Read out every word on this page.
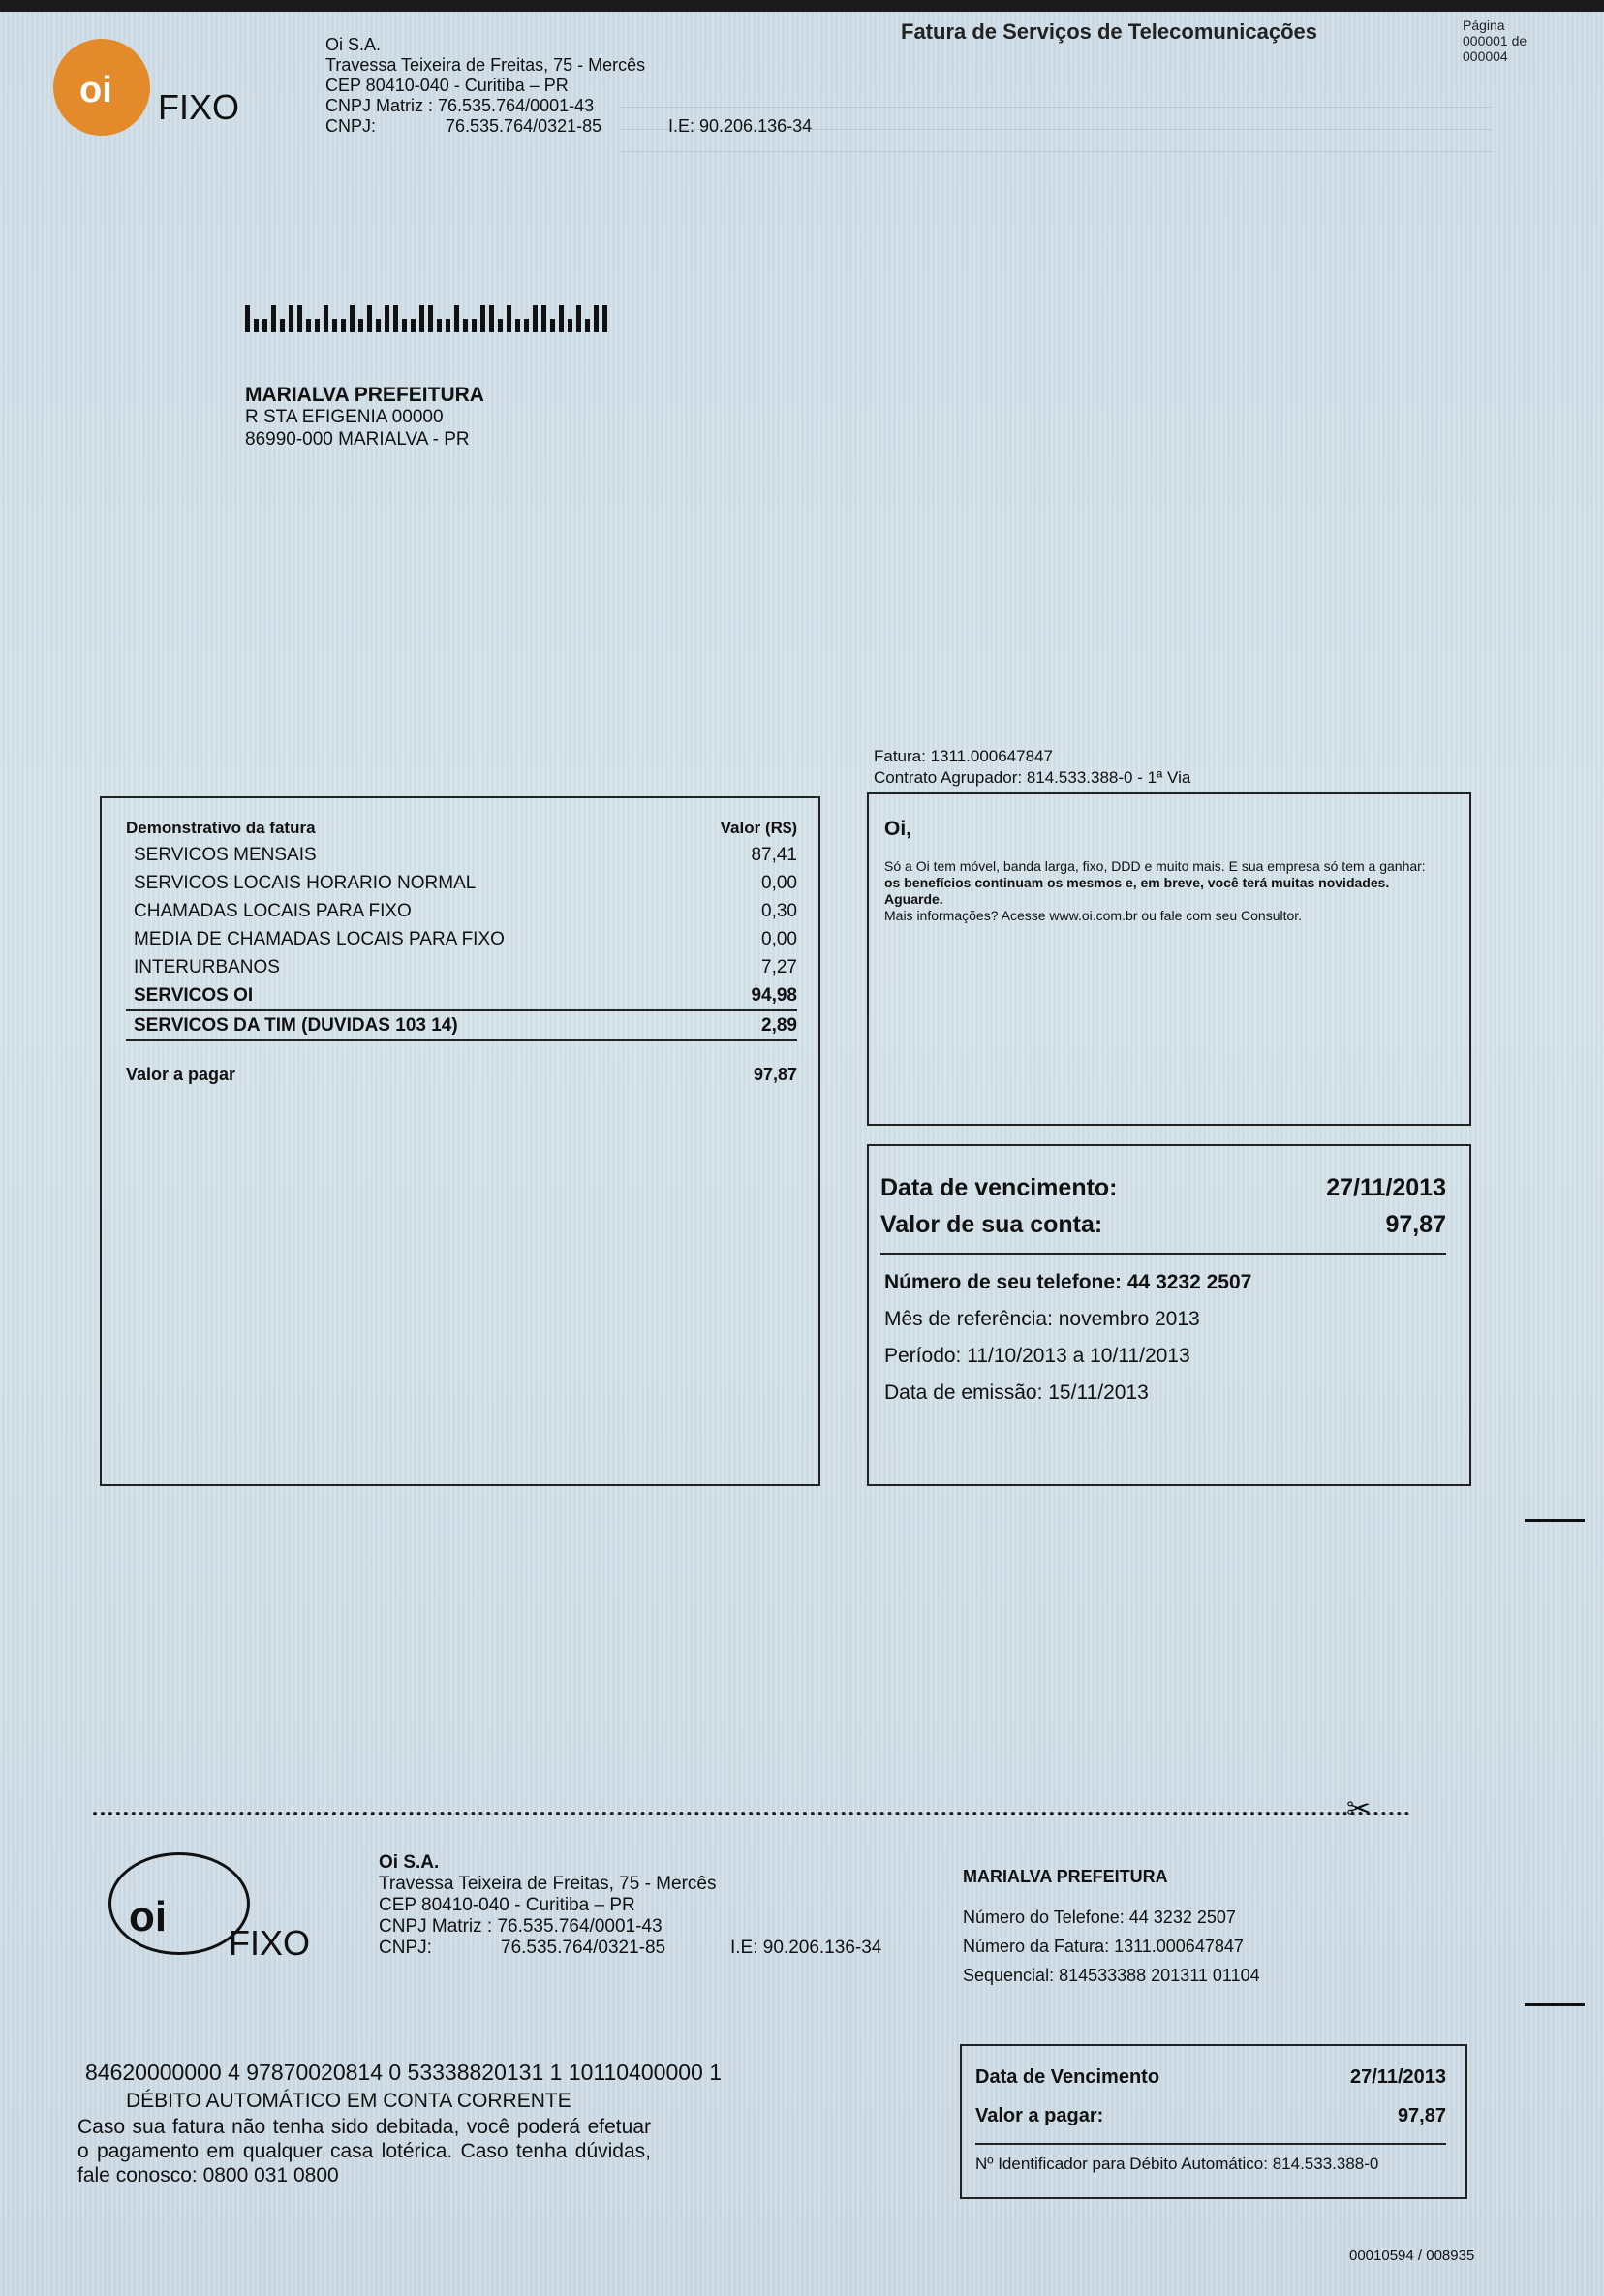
oi FIXO
Oi S.A.
Travessa Teixeira de Freitas, 75 - Mercês
CEP 80410-040 - Curitiba – PR
CNPJ Matriz : 76.535.764/0001-43
CNPJ:	76.535.764/0321-85	I.E: 90.206.136-34
Fatura de Serviços de Telecomunicações	Página
000001 de
000004
MARIALVA PREFEITURA
R STA EFIGENIA 00000
86990-000 MARIALVA - PR
Fatura: 1311.000647847
Contrato Agrupador: 814.533.388-0 - 1ª Via
Demonstrativo da fatura	Valor (R$)
SERVICOS MENSAIS	87,41
SERVICOS LOCAIS HORARIO NORMAL	0,00
CHAMADAS LOCAIS PARA FIXO	0,30
MEDIA DE CHAMADAS LOCAIS PARA FIXO	0,00
INTERURBANOS	7,27
SERVICOS OI	94,98
SERVICOS DA TIM (DUVIDAS 103 14)	2,89
Valor a pagar	97,87
Oi,
Só a Oi tem móvel, banda larga, fixo, DDD e muito mais. E sua empresa só tem a ganhar: os benefícios continuam os mesmos e, em breve, você terá muitas novidades. Aguarde.
Mais informações? Acesse www.oi.com.br ou fale com seu Consultor.
Data de vencimento:	27/11/2013
Valor de sua conta:	97,87
Número de seu telefone: 44 3232 2507
Mês de referência: novembro 2013
Período: 11/10/2013 a 10/11/2013
Data de emissão: 15/11/2013
✂
oi
FIXO
Oi S.A.
Travessa Teixeira de Freitas, 75 - Mercês
CEP 80410-040 - Curitiba – PR
CNPJ Matriz : 76.535.764/0001-43
CNPJ:	76.535.764/0321-85	I.E: 90.206.136-34
MARIALVA PREFEITURA
Número do Telefone: 44 3232 2507
Número da Fatura: 1311.000647847
Sequencial: 814533388 201311 01104
84620000000 4 97870020814 0 53338820131 1 10110400000 1
DÉBITO AUTOMÁTICO EM CONTA CORRENTE
Caso sua fatura não tenha sido debitada, você poderá efetuar o pagamento em qualquer casa lotérica. Caso tenha dúvidas, fale conosco: 0800 031 0800
Data de Vencimento	27/11/2013
Valor a pagar:	97,87
Nº Identificador para Débito Automático: 814.533.388-0
00010594 / 008935
